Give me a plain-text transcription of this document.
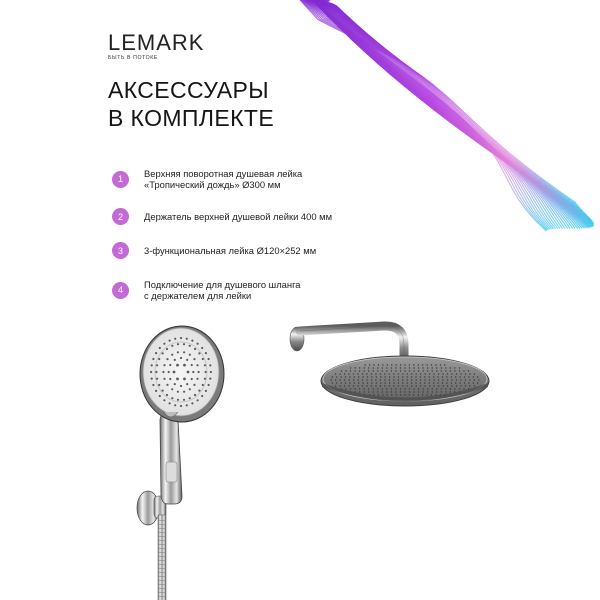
LEMARK
БЫТЬ В ПОТОКЕ
АКСЕССУАРЫ
В КОМПЛЕКТЕ
1	Верхняя поворотная душевая лейка
«Тропический дождь» Ø300 мм
2	Держатель верхней душевой лейки 400 мм
3	3-функциональная лейка Ø120×252 мм
4	Подключение для душевого шланга
с держателем для лейки
